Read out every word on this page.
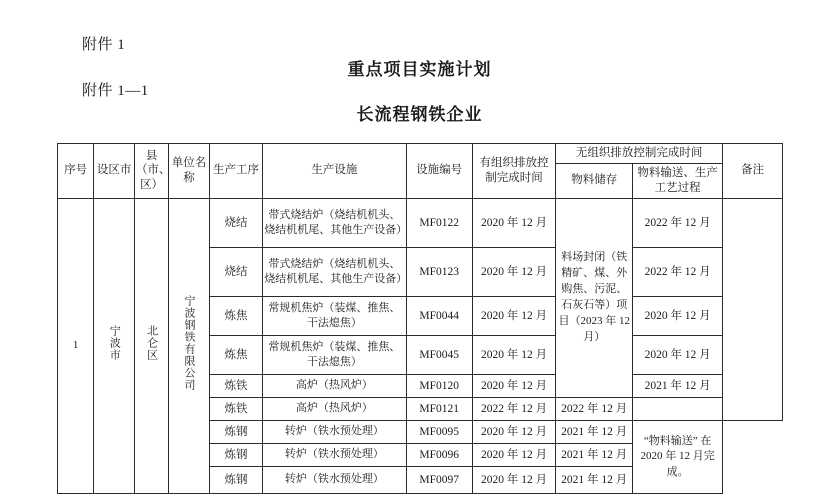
附件 1
重点项目实施计划
附件 1—1
长流程钢铁企业
序号	设区市	县（市、区）	单位名称	生产工序	生产设施	设施编号	有组织排放控制完成时间	无组织排放控制完成时间		备注
								物料储存	物料输送、生产工艺过程	
1	宁波市	北仑区	宁波钢铁有限公司	烧结	带式烧结炉（烧结机机头、烧结机机尾、其他生产设备）	MF0122	2020 年 12 月	料场封闭（铁精矿、煤、外购焦、污泥、石灰石等）项目（2023 年 12 月）	2022 年 12 月	
				烧结	带式烧结炉（烧结机机头、烧结机机尾、其他生产设备）	MF0123	2020 年 12 月		2022 年 12 月	
				炼焦	常规机焦炉（装煤、推焦、干法熄焦）	MF0044	2020 年 12 月		2020 年 12 月	
				炼焦	常规机焦炉（装煤、推焦、干法熄焦）	MF0045	2020 年 12 月		2020 年 12 月	
				炼铁	高炉（热风炉）	MF0120	2020 年 12 月		2021 年 12 月	
				炼铁	高炉（热风炉）	MF0121	2022 年 12 月	2022 年 12 月		
				炼钢	转炉（铁水预处理）	MF0095	2020 年 12 月	2021 年 12 月	“物料输送” 在 2020 年 12 月完成。	
				炼钢	转炉（铁水预处理）	MF0096	2020 年 12 月	2021 年 12 月		
				炼钢	转炉（铁水预处理）	MF0097	2020 年 12 月	2021 年 12 月		
